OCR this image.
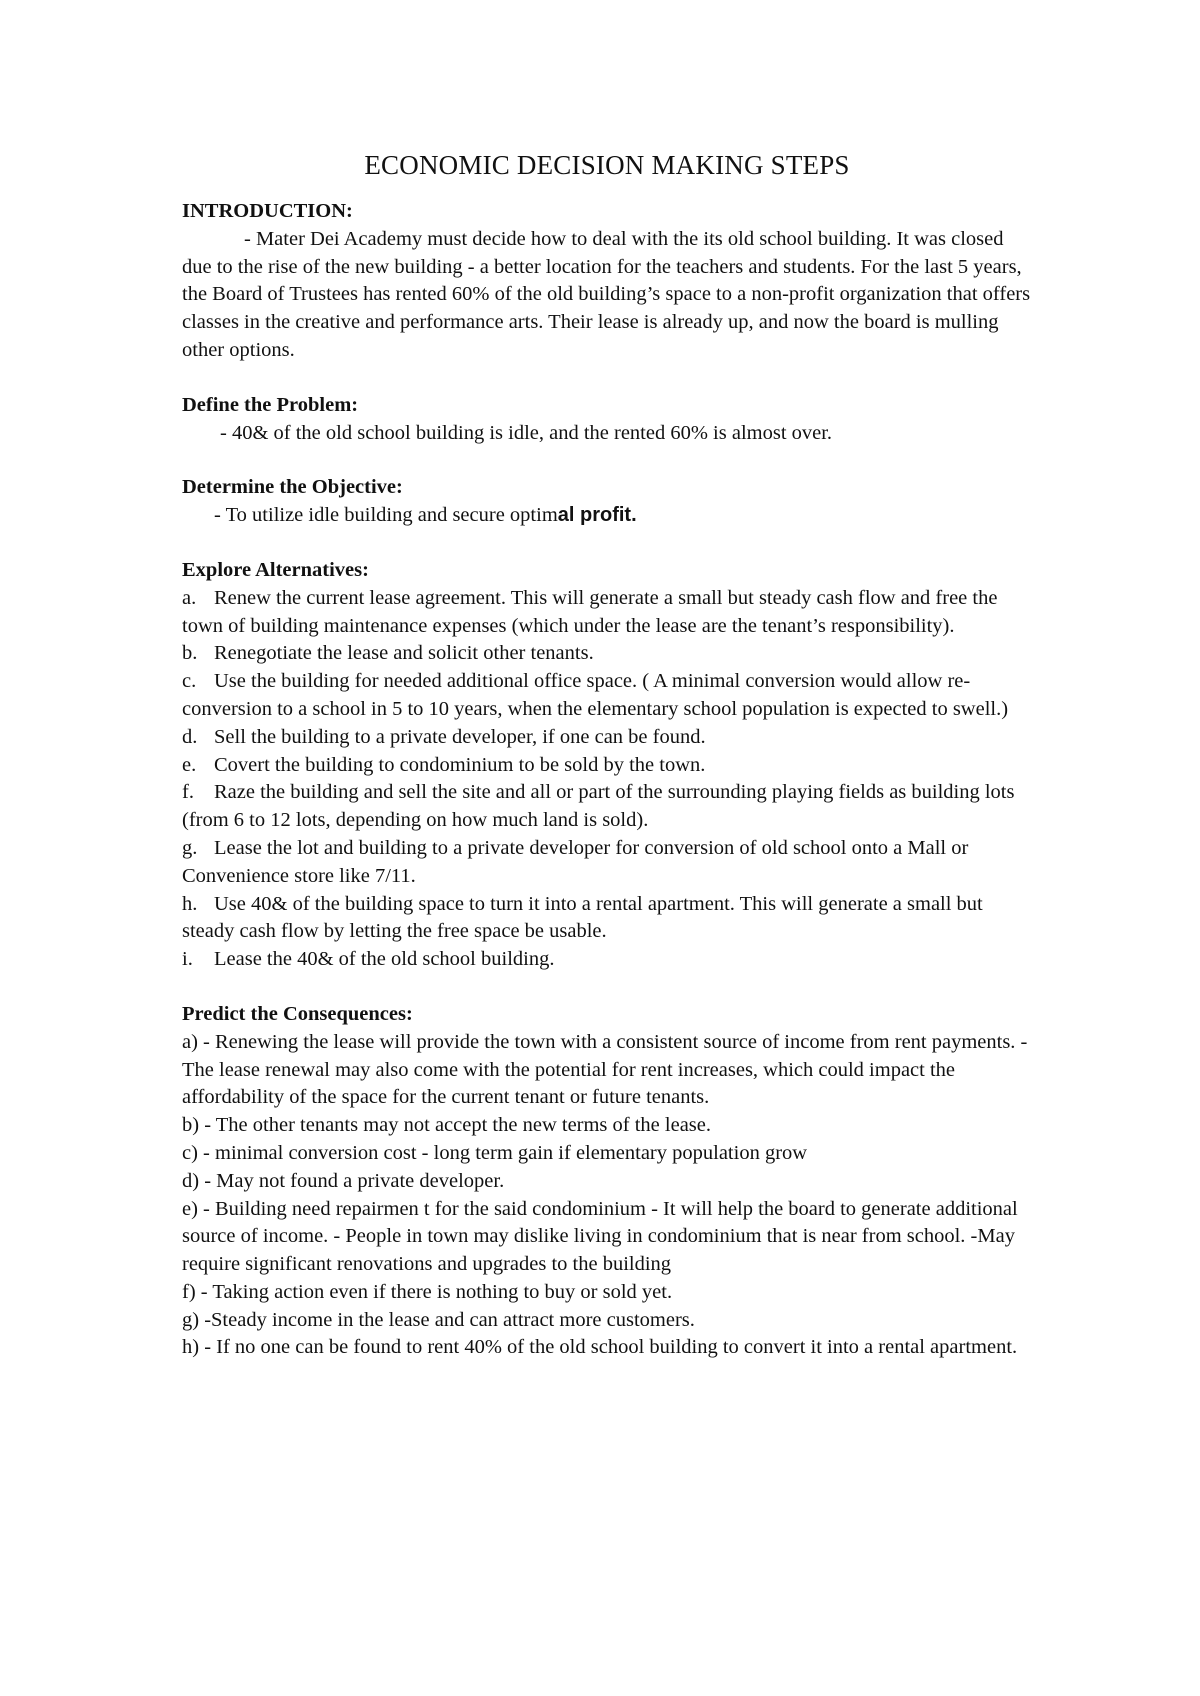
ECONOMIC DECISION MAKING STEPS

INTRODUCTION:

- Mater Dei Academy must decide how to deal with the its old school building. It was closed due to the rise of the new building - a better location for the teachers and students. For the last 5 years, the Board of Trustees has rented 60% of the old building’s space to a non-profit organization that offers classes in the creative and performance arts. Their lease is already up, and now the board is mulling other options.

Define the Problem:

- 40& of the old school building is idle, and the rented 60% is almost over.

Determine the Objective:

- To utilize idle building and secure optimal profit.

Explore Alternatives:

a. Renew the current lease agreement. This will generate a small but steady cash flow and free the town of building maintenance expenses (which under the lease are the tenant’s responsibility).

b. Renegotiate the lease and solicit other tenants.

c. Use the building for needed additional office space. ( A minimal conversion would allow re-conversion to a school in 5 to 10 years, when the elementary school population is expected to swell.)

d. Sell the building to a private developer, if one can be found.

e. Covert the building to condominium to be sold by the town.

f. Raze the building and sell the site and all or part of the surrounding playing fields as building lots (from 6 to 12 lots, depending on how much land is sold).

g. Lease the lot and building to a private developer for conversion of old school onto a Mall or Convenience store like 7/11.

h. Use 40& of the building space to turn it into a rental apartment. This will generate a small but steady cash flow by letting the free space be usable.

i. Lease the 40& of the old school building.

Predict the Consequences:

a) - Renewing the lease will provide the town with a consistent source of income from rent payments. - The lease renewal may also come with the potential for rent increases, which could impact the affordability of the space for the current tenant or future tenants.

b) - The other tenants may not accept the new terms of the lease.

c) - minimal conversion cost - long term gain if elementary population grow

d) - May not found a private developer.

e) - Building need repairmen t for the said condominium - It will help the board to generate additional source of income. - People in town may dislike living in condominium that is near from school. -May require significant renovations and upgrades to the building

f) - Taking action even if there is nothing to buy or sold yet.

g) -Steady income in the lease and can attract more customers.

h) - If no one can be found to rent 40% of the old school building to convert it into a rental apartment.
